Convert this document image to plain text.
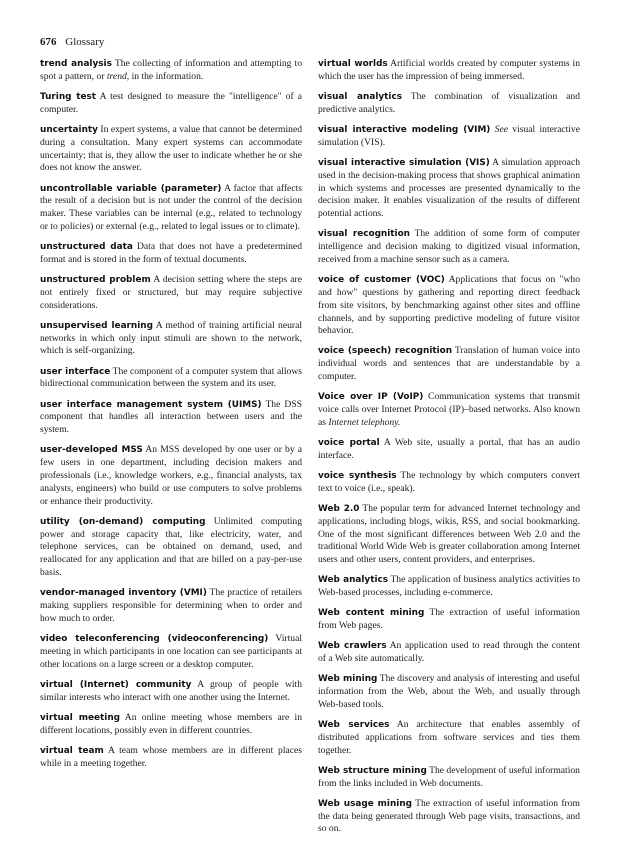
676 Glossary

trend analysis The collecting of information and attempting to spot a pattern, or trend, in the information.

Turing test A test designed to measure the "intelligence" of a computer.

uncertainty In expert systems, a value that cannot be determined during a consultation. Many expert systems can accommodate uncertainty; that is, they allow the user to indicate whether he or she does not know the answer.

uncontrollable variable (parameter) A factor that affects the result of a decision but is not under the control of the decision maker. These variables can be internal (e.g., related to technology or to policies) or external (e.g., related to legal issues or to climate).

unstructured data Data that does not have a predetermined format and is stored in the form of textual documents.

unstructured problem A decision setting where the steps are not entirely fixed or structured, but may require subjective considerations.

unsupervised learning A method of training artificial neural networks in which only input stimuli are shown to the network, which is self-organizing.

user interface The component of a computer system that allows bidirectional communication between the system and its user.

user interface management system (UIMS) The DSS component that handles all interaction between users and the system.

user-developed MSS An MSS developed by one user or by a few users in one department, including decision makers and professionals (i.e., knowledge workers, e.g., financial analysts, tax analysts, engineers) who build or use computers to solve problems or enhance their productivity.

utility (on-demand) computing Unlimited computing power and storage capacity that, like electricity, water, and telephone services, can be obtained on demand, used, and reallocated for any application and that are billed on a pay-per-use basis.

vendor-managed inventory (VMI) The practice of retailers making suppliers responsible for determining when to order and how much to order.

video teleconferencing (videoconferencing) Virtual meeting in which participants in one location can see participants at other locations on a large screen or a desktop computer.

virtual (Internet) community A group of people with similar interests who interact with one another using the Internet.

virtual meeting An online meeting whose members are in different locations, possibly even in different countries.

virtual team A team whose members are in different places while in a meeting together.

virtual worlds Artificial worlds created by computer systems in which the user has the impression of being immersed.

visual analytics The combination of visualization and predictive analytics.

visual interactive modeling (VIM) See visual interactive simulation (VIS).

visual interactive simulation (VIS) A simulation approach used in the decision-making process that shows graphical animation in which systems and processes are presented dynamically to the decision maker. It enables visualization of the results of different potential actions.

visual recognition The addition of some form of computer intelligence and decision making to digitized visual information, received from a machine sensor such as a camera.

voice of customer (VOC) Applications that focus on "who and how" questions by gathering and reporting direct feedback from site visitors, by benchmarking against other sites and offline channels, and by supporting predictive modeling of future visitor behavior.

voice (speech) recognition Translation of human voice into individual words and sentences that are understandable by a computer.

Voice over IP (VoIP) Communication systems that transmit voice calls over Internet Protocol (IP)–based networks. Also known as Internet telephony.

voice portal A Web site, usually a portal, that has an audio interface.

voice synthesis The technology by which computers convert text to voice (i.e., speak).

Web 2.0 The popular term for advanced Internet technology and applications, including blogs, wikis, RSS, and social bookmarking. One of the most significant differences between Web 2.0 and the traditional World Wide Web is greater collaboration among Internet users and other users, content providers, and enterprises.

Web analytics The application of business analytics activities to Web-based processes, including e-commerce.

Web content mining The extraction of useful information from Web pages.

Web crawlers An application used to read through the content of a Web site automatically.

Web mining The discovery and analysis of interesting and useful information from the Web, about the Web, and usually through Web-based tools.

Web services An architecture that enables assembly of distributed applications from software services and ties them together.

Web structure mining The development of useful information from the links included in Web documents.

Web usage mining The extraction of useful information from the data being generated through Web page visits, transactions, and so on.
